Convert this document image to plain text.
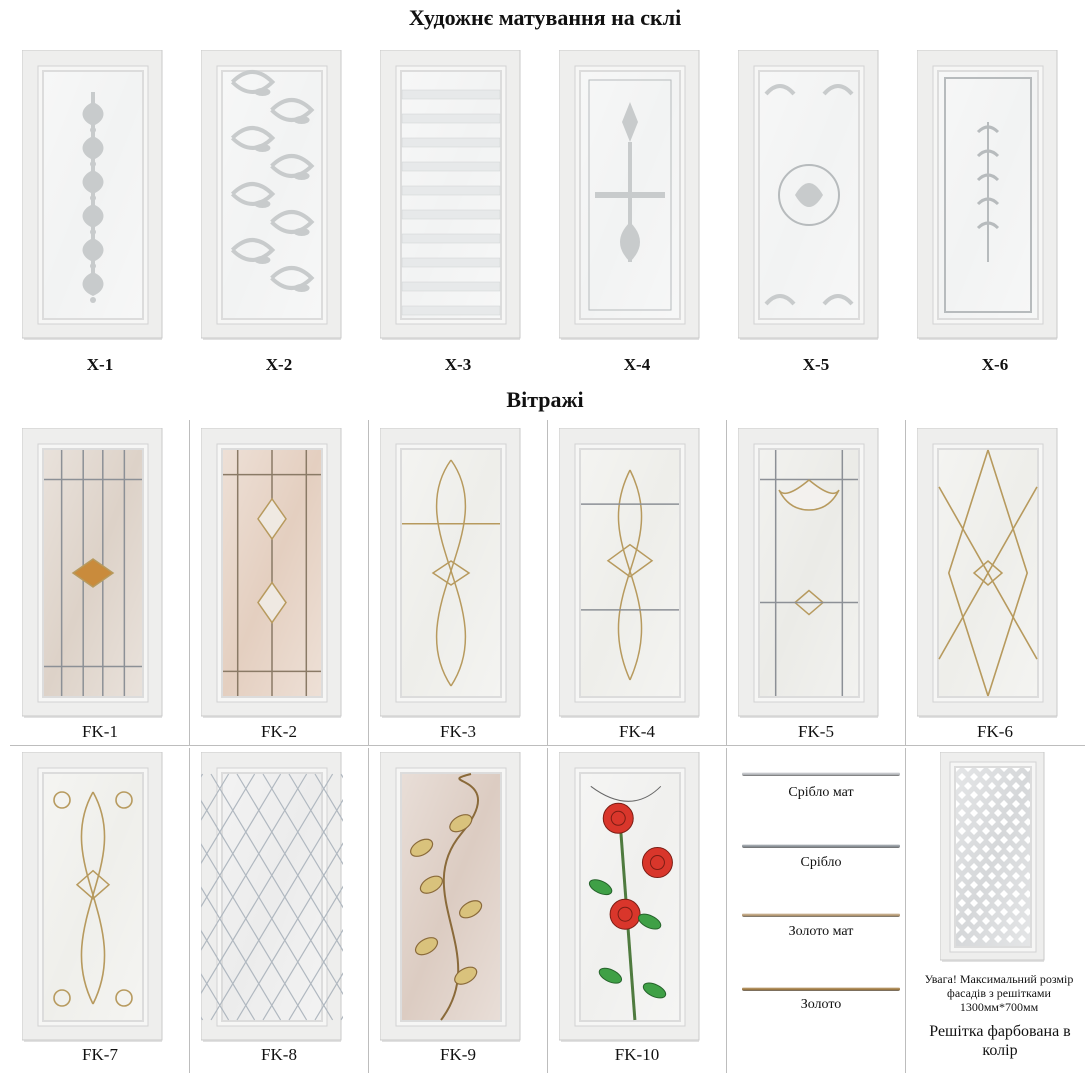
Художнє матування на склі
Вітражі
X-1	X-2	X-3	X-4	X-5	X-6
FK-1	FK-2	FK-3	FK-4	FK-5	FK-6
FK-7	FK-8	FK-9	FK-10
Срібло мат
Срібло
Золото мат
Золото
Увага! Максимальний розмір фасадів з решітками 1300мм*700мм
Решітка фарбована в колір
